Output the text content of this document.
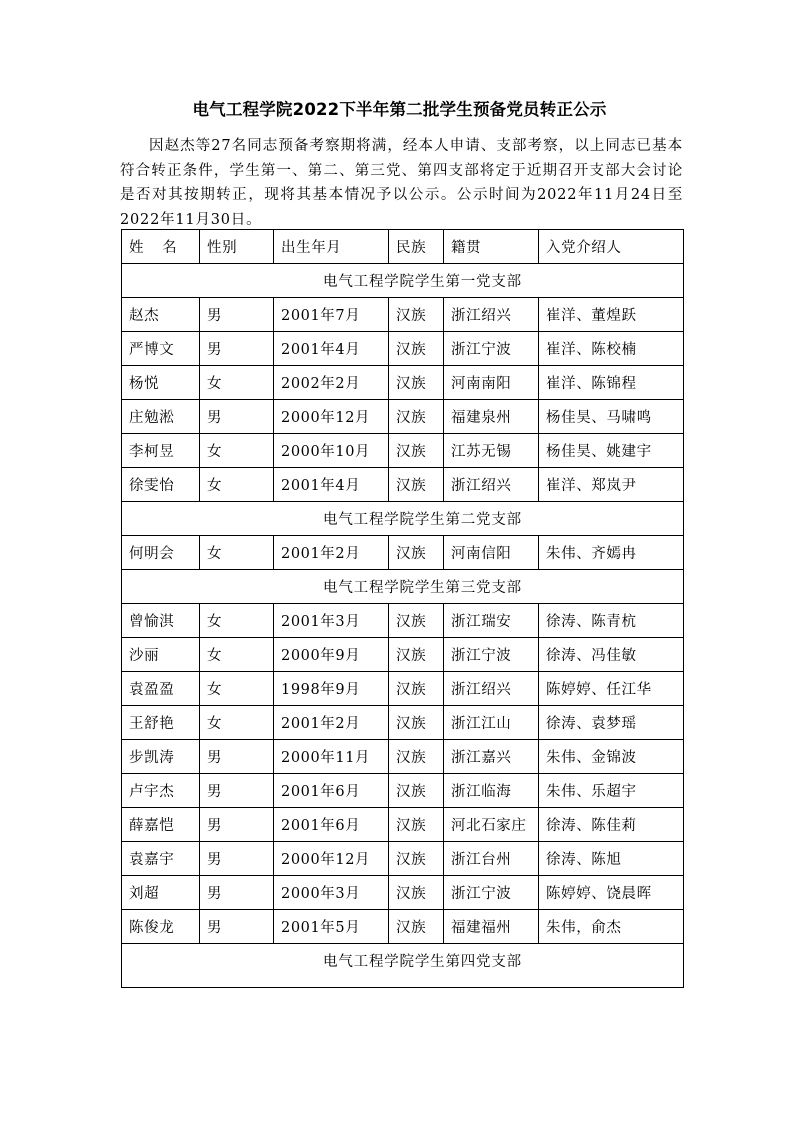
电气工程学院2022下半年第二批学生预备党员转正公示
因赵杰等27名同志预备考察期将满，经本人申请、支部考察，以上同志已基本符合转正条件，学生第一、第二、第三党、第四支部将定于近期召开支部大会讨论是否对其按期转正，现将其基本情况予以公示。公示时间为2022年11月24日至2022年11月30日。
姓 名	性别	出生年月	民族	籍贯	入党介绍人
电气工程学院学生第一党支部					
赵杰	男	2001年7月	汉族	浙江绍兴	崔洋、董煌跃
严博文	男	2001年4月	汉族	浙江宁波	崔洋、陈校楠
杨悦	女	2002年2月	汉族	河南南阳	崔洋、陈锦程
庄勉淞	男	2000年12月	汉族	福建泉州	杨佳昊、马啸鸣
李柯昱	女	2000年10月	汉族	江苏无锡	杨佳昊、姚建宇
徐雯怡	女	2001年4月	汉族	浙江绍兴	崔洋、郑岚尹
电气工程学院学生第二党支部					
何明会	女	2001年2月	汉族	河南信阳	朱伟、齐嫣冉
电气工程学院学生第三党支部					
曾愉淇	女	2001年3月	汉族	浙江瑞安	徐涛、陈青杭
沙丽	女	2000年9月	汉族	浙江宁波	徐涛、冯佳敏
袁盈盈	女	1998年9月	汉族	浙江绍兴	陈婷婷、任江华
王舒艳	女	2001年2月	汉族	浙江江山	徐涛、袁梦瑶
步凯涛	男	2000年11月	汉族	浙江嘉兴	朱伟、金锦波
卢宇杰	男	2001年6月	汉族	浙江临海	朱伟、乐超宇
薛嘉恺	男	2001年6月	汉族	河北石家庄	徐涛、陈佳莉
袁嘉宇	男	2000年12月	汉族	浙江台州	徐涛、陈旭
刘超	男	2000年3月	汉族	浙江宁波	陈婷婷、饶晨晖
陈俊龙	男	2001年5月	汉族	福建福州	朱伟，俞杰
电气工程学院学生第四党支部					
